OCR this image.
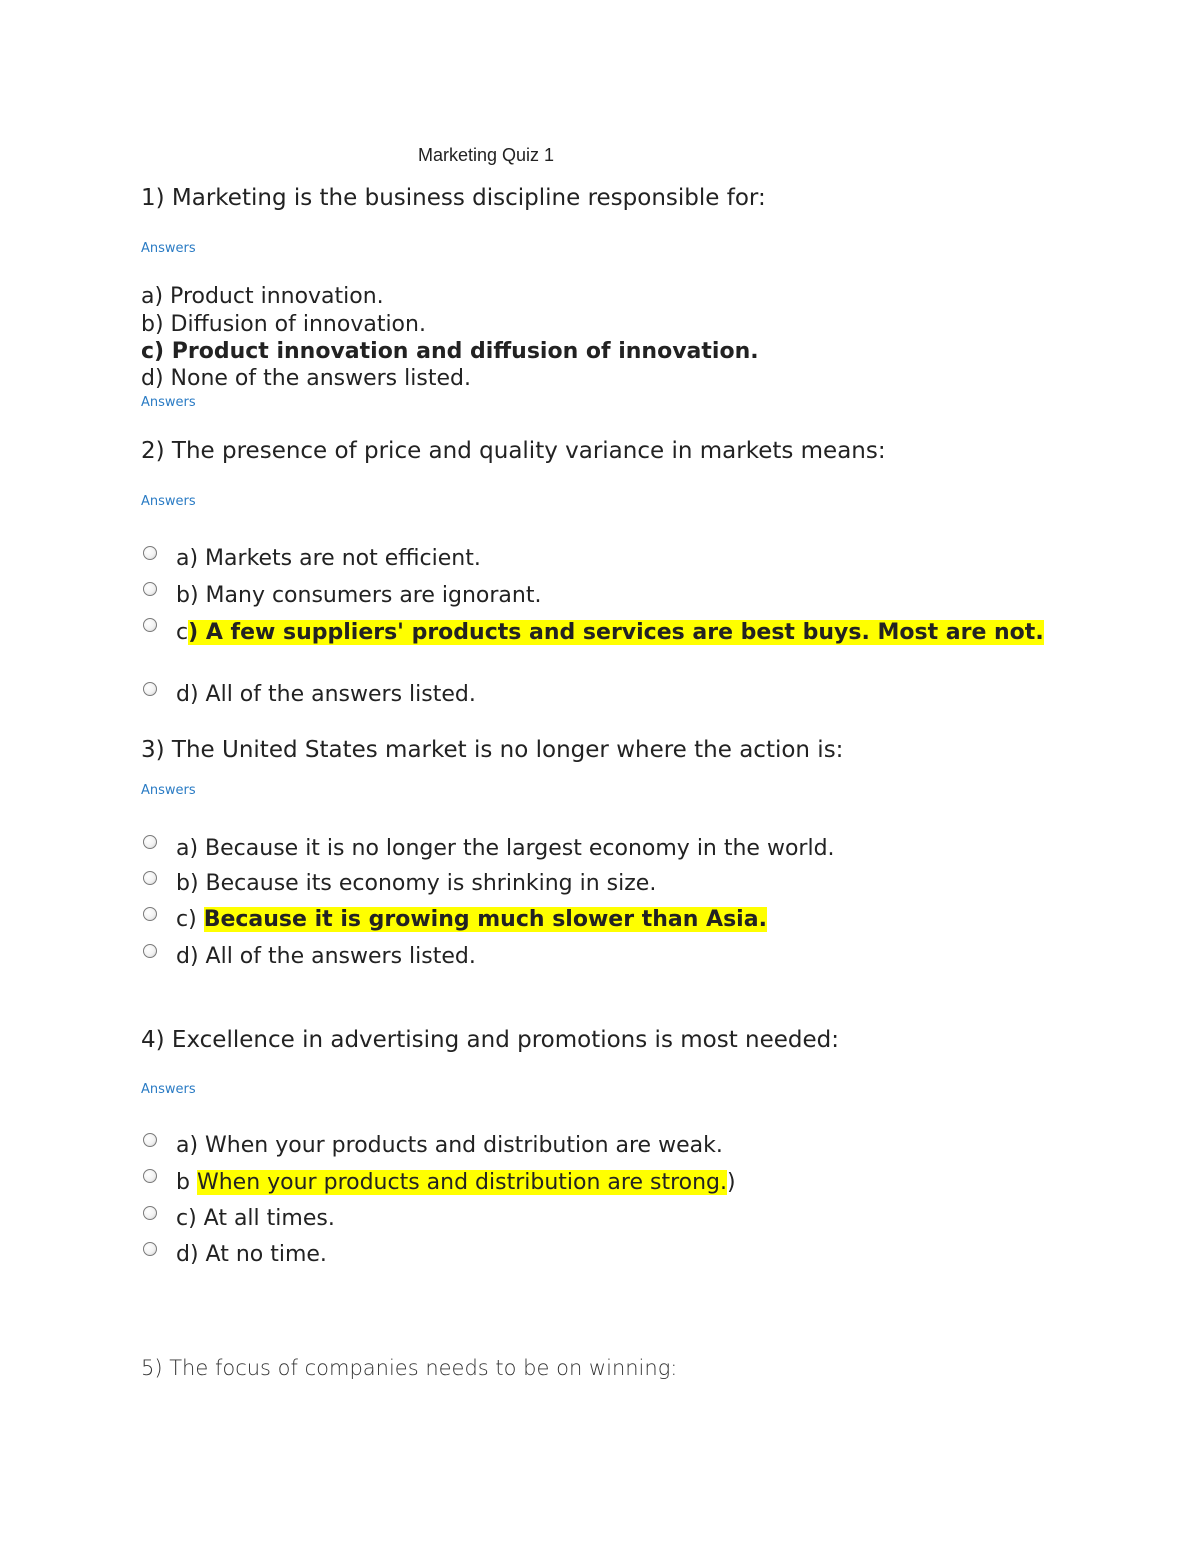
Marketing Quiz 1
1) Marketing is the business discipline responsible for:
Answers
a) Product innovation.
b) Diffusion of innovation.
c) Product innovation and diffusion of innovation.
d) None of the answers listed.
Answers
2) The presence of price and quality variance in markets means:
Answers
a) Markets are not efficient.
b) Many consumers are ignorant.
c) A few suppliers' products and services are best buys. Most are not.
d) All of the answers listed.
3) The United States market is no longer where the action is:
Answers
a) Because it is no longer the largest economy in the world.
b) Because its economy is shrinking in size.
c) Because it is growing much slower than Asia.
d) All of the answers listed.
4) Excellence in advertising and promotions is most needed:
Answers
a) When your products and distribution are weak.
b When your products and distribution are strong.)
c) At all times.
d) At no time.
5) The focus of companies needs to be on winning:
